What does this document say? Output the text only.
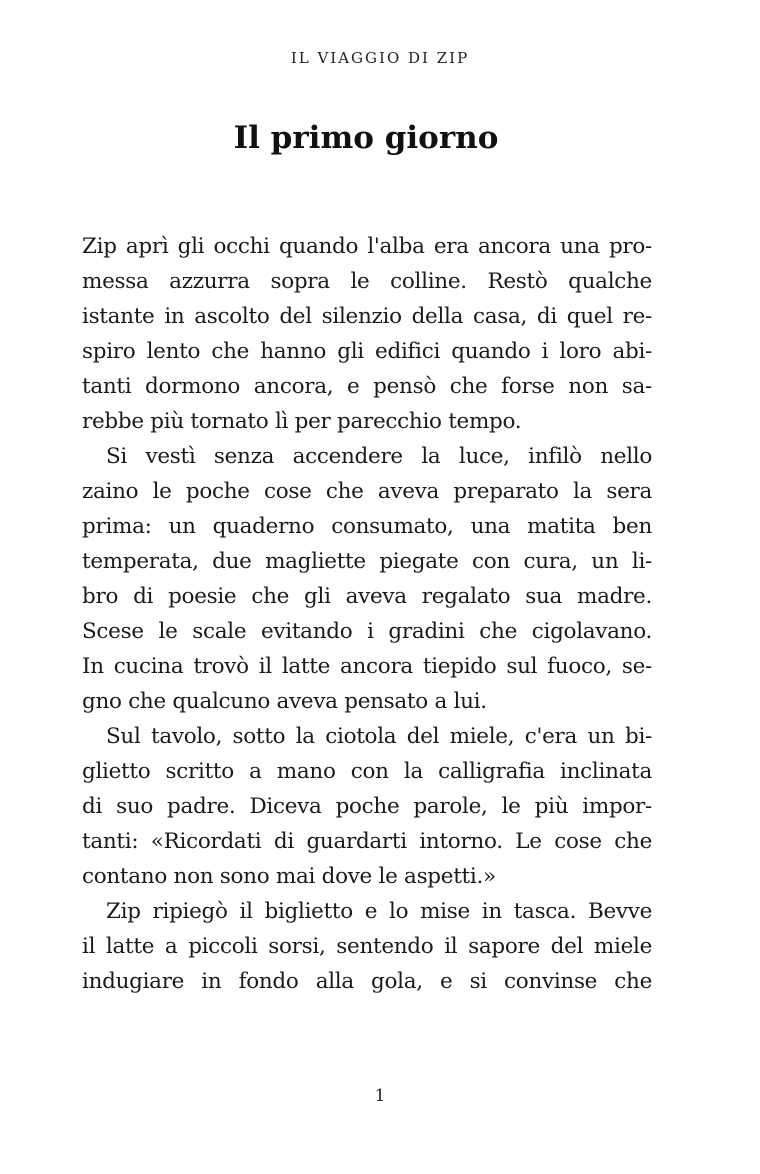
IL VIAGGIO DI ZIP
Il primo giorno
Zip aprì gli occhi quando l'alba era ancora una pro-
messa azzurra sopra le colline. Restò qualche
istante in ascolto del silenzio della casa, di quel re-
spiro lento che hanno gli edifici quando i loro abi-
tanti dormono ancora, e pensò che forse non sa-
rebbe più tornato lì per parecchio tempo.
Si vestì senza accendere la luce, infilò nello
zaino le poche cose che aveva preparato la sera
prima: un quaderno consumato, una matita ben
temperata, due magliette piegate con cura, un li-
bro di poesie che gli aveva regalato sua madre.
Scese le scale evitando i gradini che cigolavano.
In cucina trovò il latte ancora tiepido sul fuoco, se-
gno che qualcuno aveva pensato a lui.
Sul tavolo, sotto la ciotola del miele, c'era un bi-
glietto scritto a mano con la calligrafia inclinata
di suo padre. Diceva poche parole, le più impor-
tanti: «Ricordati di guardarti intorno. Le cose che
contano non sono mai dove le aspetti.»
Zip ripiegò il biglietto e lo mise in tasca. Bevve
il latte a piccoli sorsi, sentendo il sapore del miele
indugiare in fondo alla gola, e si convinse che
1
